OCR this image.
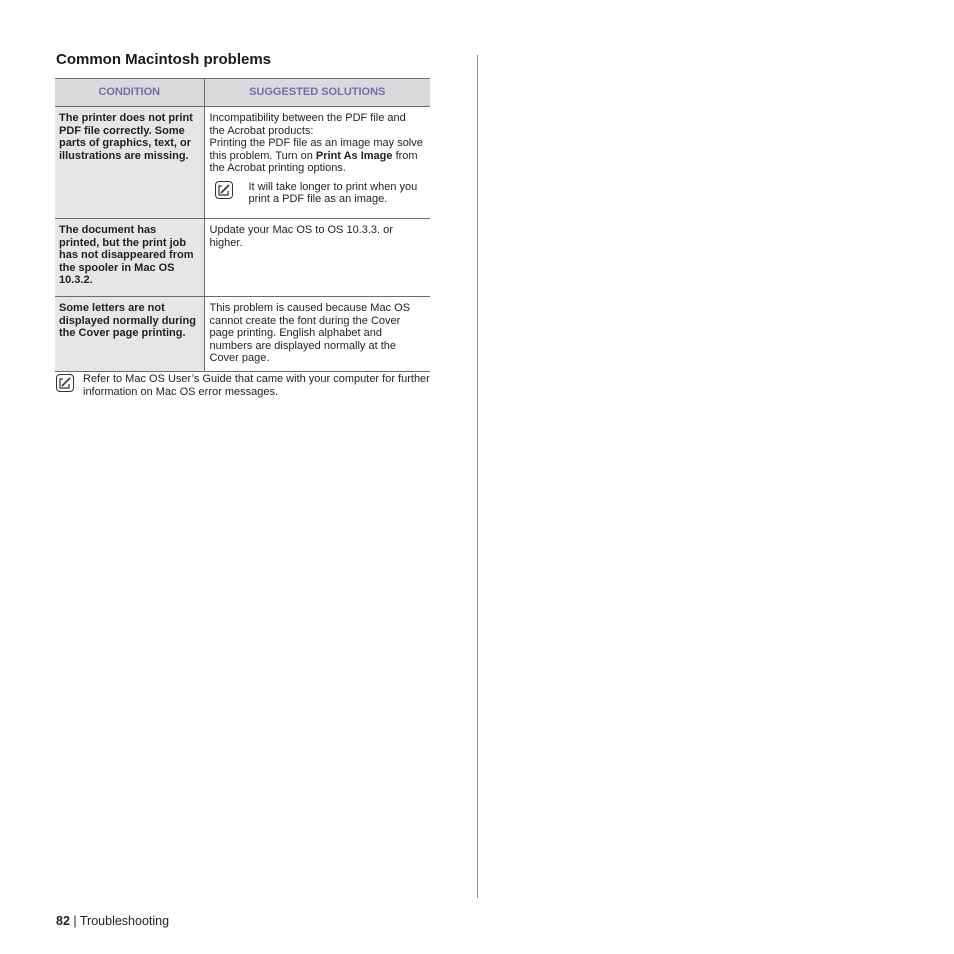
Common Macintosh problems
CONDITION	SUGGESTED SOLUTIONS
The printer does not print PDF file correctly. Some parts of graphics, text, or illustrations are missing.	Incompatibility between the PDF file and the Acrobat products:
Printing the PDF file as an image may solve this problem. Turn on Print As Image from the Acrobat printing options.
It will take longer to print when you print a PDF file as an image.

The document has printed, but the print job has not disappeared from the spooler in Mac OS 10.3.2.	Update your Mac OS to OS 10.3.3. or higher.
Some letters are not displayed normally during the Cover page printing.	This problem is caused because Mac OS cannot create the font during the Cover page printing. English alphabet and numbers are displayed normally at the Cover page.
Refer to Mac OS User’s Guide that came with your computer for further information on Mac OS error messages.
82 | Troubleshooting
